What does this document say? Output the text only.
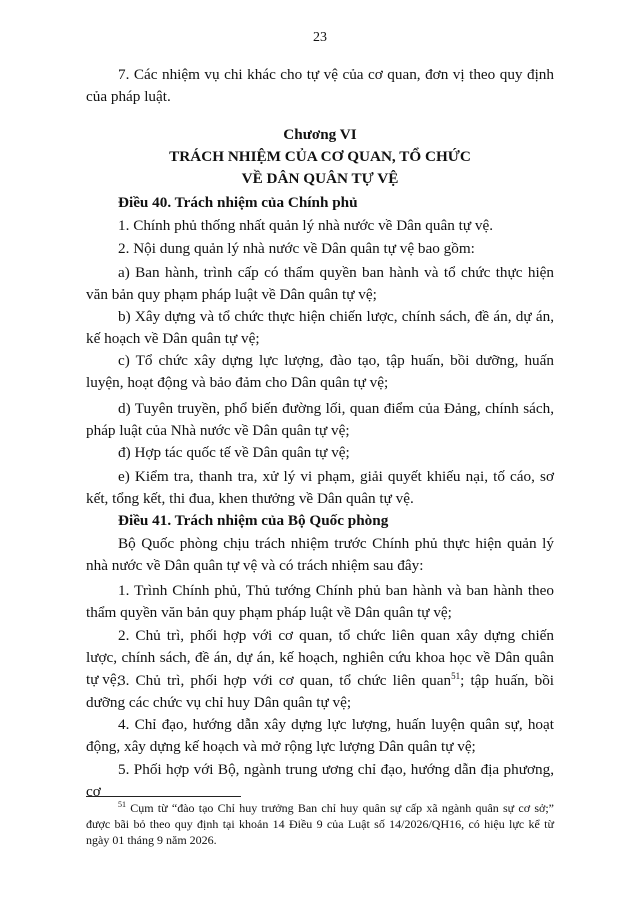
23

7. Các nhiệm vụ chi khác cho tự vệ của cơ quan, đơn vị theo quy định của pháp luật.

Chương VI
TRÁCH NHIỆM CỦA CƠ QUAN, TỔ CHỨC
VỀ DÂN QUÂN TỰ VỆ
Điều 40. Trách nhiệm của Chính phủ

1. Chính phủ thống nhất quản lý nhà nước về Dân quân tự vệ.

2. Nội dung quản lý nhà nước về Dân quân tự vệ bao gồm:

a) Ban hành, trình cấp có thẩm quyền ban hành và tổ chức thực hiện văn bản quy phạm pháp luật về Dân quân tự vệ;

b) Xây dựng và tổ chức thực hiện chiến lược, chính sách, đề án, dự án, kế hoạch về Dân quân tự vệ;

c) Tổ chức xây dựng lực lượng, đào tạo, tập huấn, bồi dưỡng, huấn luyện, hoạt động và bảo đảm cho Dân quân tự vệ;

d) Tuyên truyền, phổ biến đường lối, quan điểm của Đảng, chính sách, pháp luật của Nhà nước về Dân quân tự vệ;

đ) Hợp tác quốc tế về Dân quân tự vệ;

e) Kiểm tra, thanh tra, xử lý vi phạm, giải quyết khiếu nại, tố cáo, sơ kết, tổng kết, thi đua, khen thưởng về Dân quân tự vệ.

Điều 41. Trách nhiệm của Bộ Quốc phòng

Bộ Quốc phòng chịu trách nhiệm trước Chính phủ thực hiện quản lý nhà nước về Dân quân tự vệ và có trách nhiệm sau đây:

1. Trình Chính phủ, Thủ tướng Chính phủ ban hành và ban hành theo thẩm quyền văn bản quy phạm pháp luật về Dân quân tự vệ;

2. Chủ trì, phối hợp với cơ quan, tổ chức liên quan xây dựng chiến lược, chính sách, đề án, dự án, kế hoạch, nghiên cứu khoa học về Dân quân tự vệ;

3. Chủ trì, phối hợp với cơ quan, tổ chức liên quan$^{51}$; tập huấn, bồi dưỡng các chức vụ chỉ huy Dân quân tự vệ;

4. Chỉ đạo, hướng dẫn xây dựng lực lượng, huấn luyện quân sự, hoạt động, xây dựng kế hoạch và mở rộng lực lượng Dân quân tự vệ;

5. Phối hợp với Bộ, ngành trung ương chỉ đạo, hướng dẫn địa phương, cơ

$^{51}$ Cụm từ “đào tạo Chỉ huy trưởng Ban chỉ huy quân sự cấp xã ngành quân sự cơ sở;” được bãi bỏ theo quy định tại khoản 14 Điều 9 của Luật số 14/2026/QH16, có hiệu lực kể từ ngày 01 tháng 9 năm 2026.
